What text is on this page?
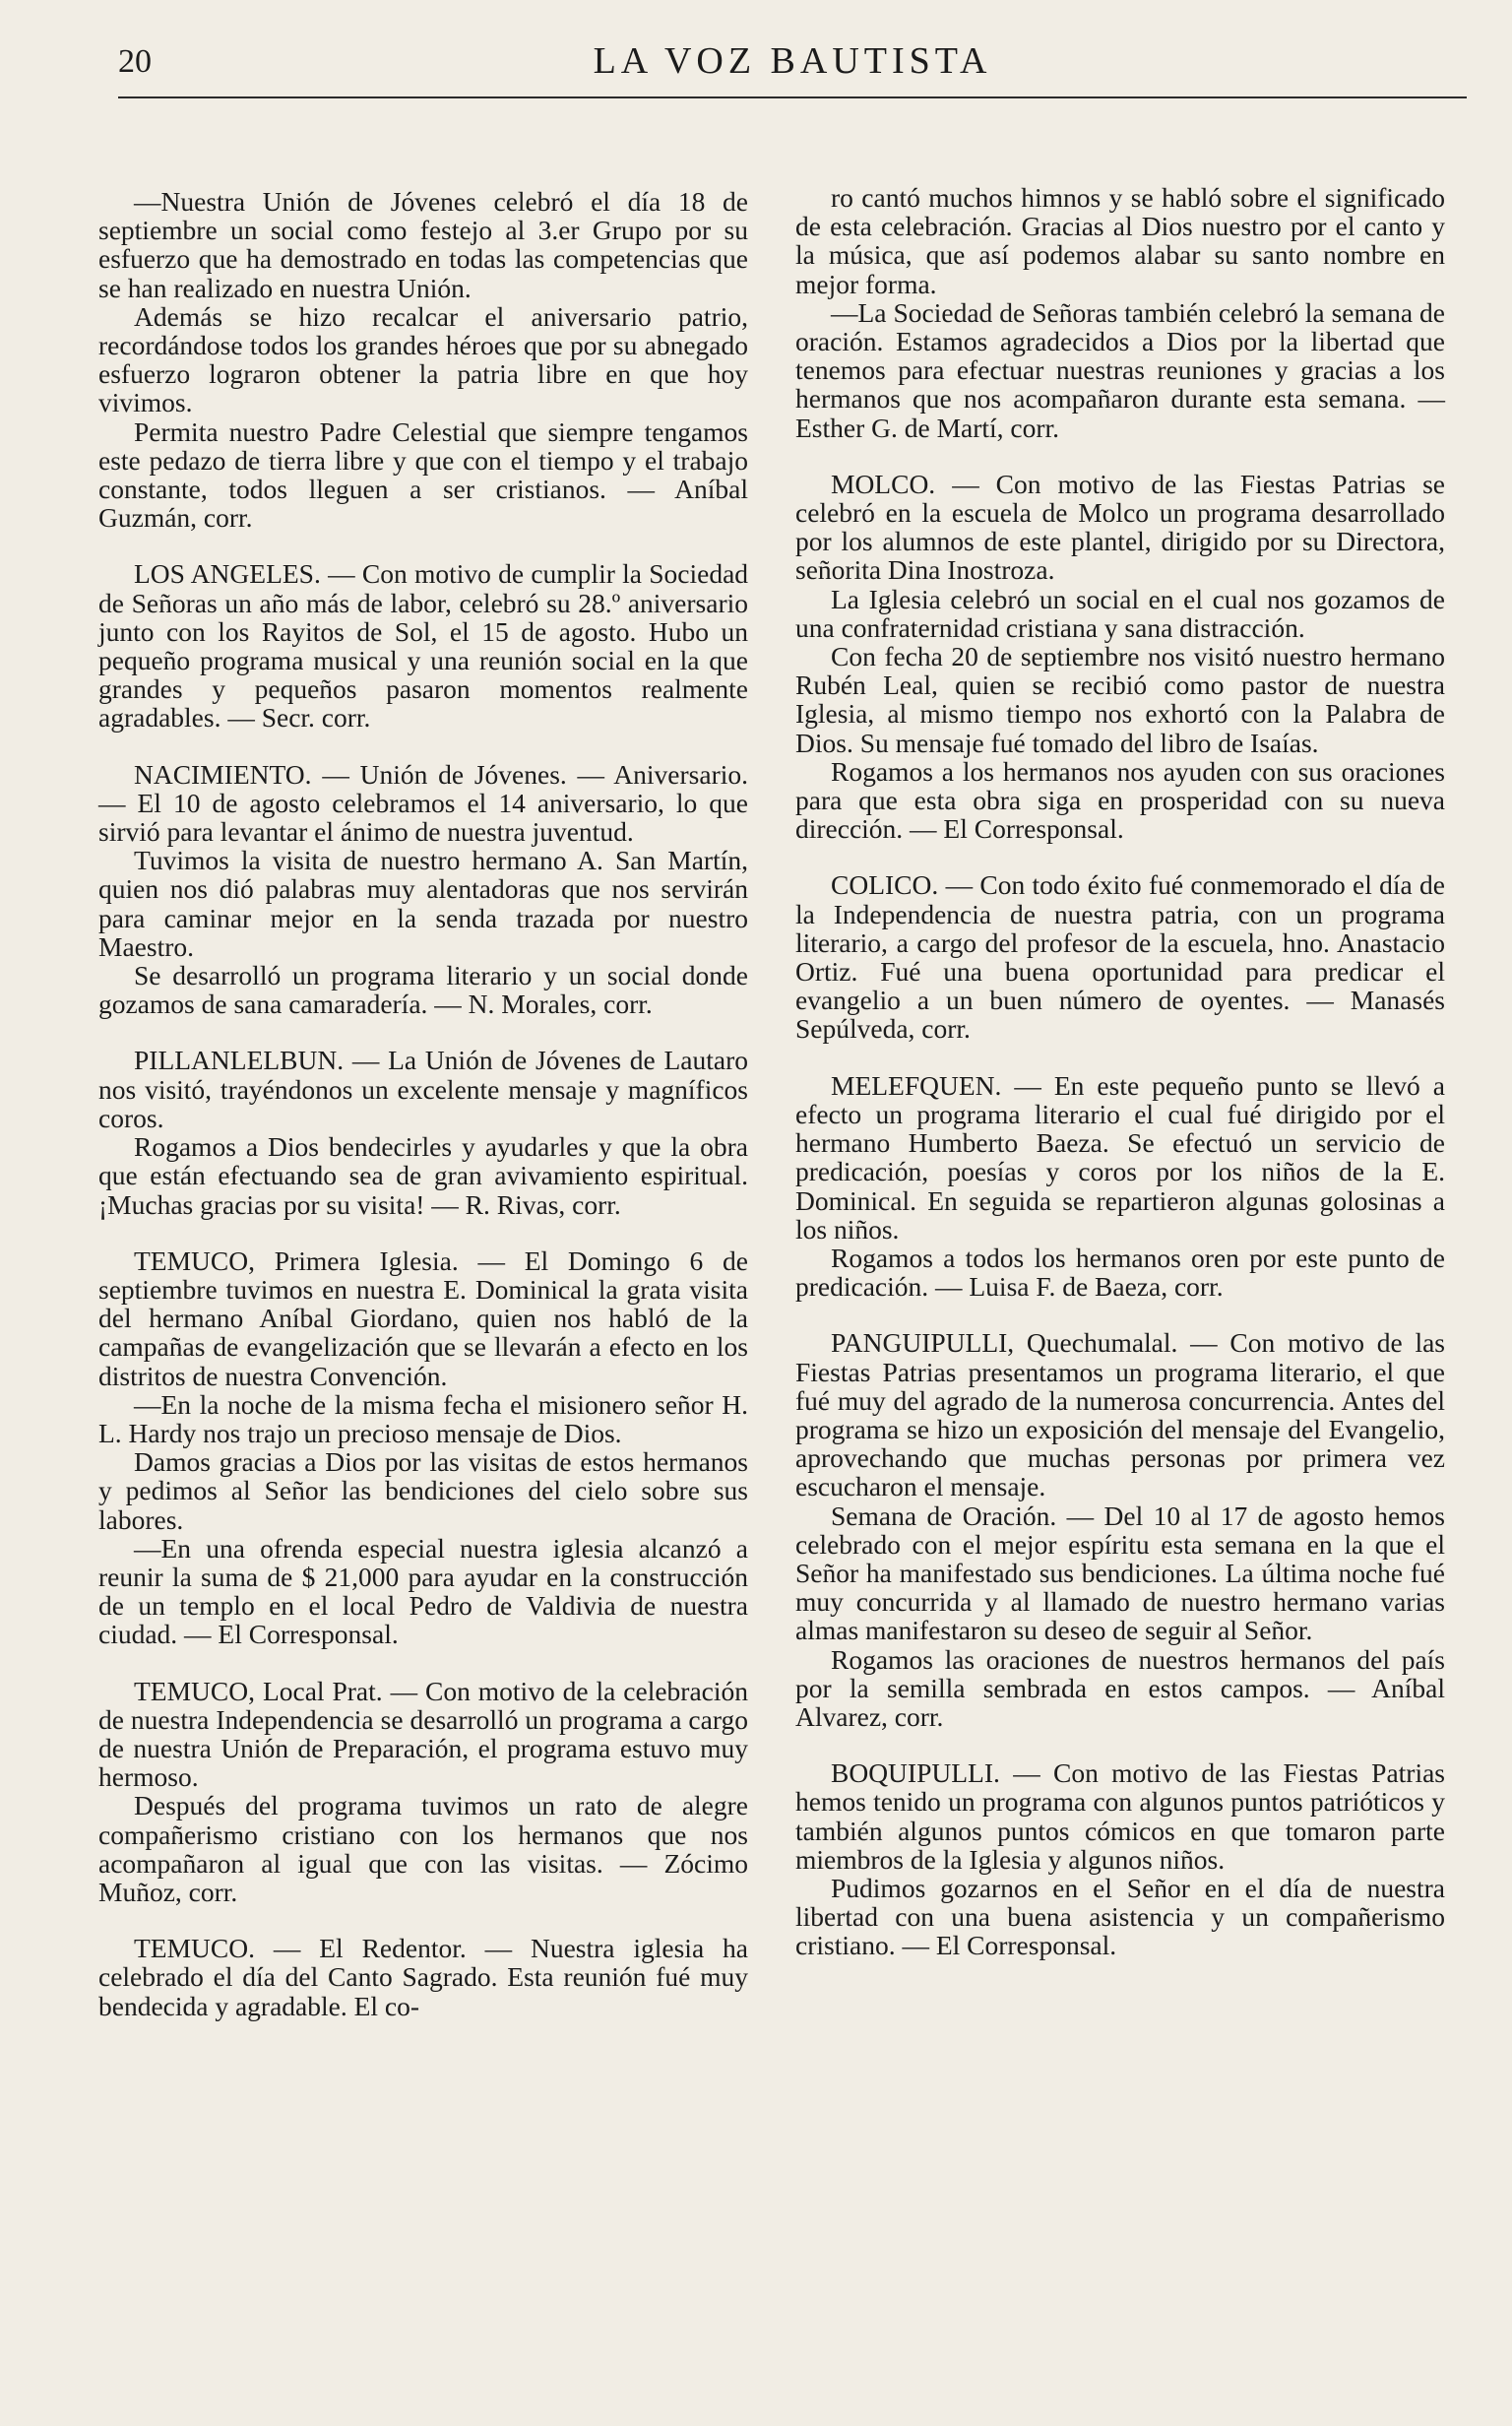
20	LA VOZ BAUTISTA

—Nuestra Unión de Jóvenes celebró el día 18 de septiembre un social como festejo al 3.er Grupo por su esfuerzo que ha demostrado en todas las competencias que se han realizado en nuestra Unión.

Además se hizo recalcar el aniversario patrio, recordándose todos los grandes héroes que por su abnegado esfuerzo lograron obtener la patria libre en que hoy vivimos.

Permita nuestro Padre Celestial que siempre tengamos este pedazo de tierra libre y que con el tiempo y el trabajo constante, todos lleguen a ser cristianos. — Aníbal Guzmán, corr.

LOS ANGELES. — Con motivo de cumplir la Sociedad de Señoras un año más de labor, celebró su 28.º aniversario junto con los Rayitos de Sol, el 15 de agosto. Hubo un pequeño programa musical y una reunión social en la que grandes y pequeños pasaron momentos realmente agradables. — Secr. corr.

NACIMIENTO. — Unión de Jóvenes. — Aniversario. — El 10 de agosto celebramos el 14 aniversario, lo que sirvió para levantar el ánimo de nuestra juventud.

Tuvimos la visita de nuestro hermano A. San Martín, quien nos dió palabras muy alentadoras que nos servirán para caminar mejor en la senda trazada por nuestro Maestro.

Se desarrolló un programa literario y un social donde gozamos de sana camaradería. — N. Morales, corr.

PILLANLELBUN. — La Unión de Jóvenes de Lautaro nos visitó, trayéndonos un excelente mensaje y magníficos coros.

Rogamos a Dios bendecirles y ayudarles y que la obra que están efectuando sea de gran avivamiento espiritual. ¡Muchas gracias por su visita! — R. Rivas, corr.

TEMUCO, Primera Iglesia. — El Domingo 6 de septiembre tuvimos en nuestra E. Dominical la grata visita del hermano Aníbal Giordano, quien nos habló de la campañas de evangelización que se llevarán a efecto en los distritos de nuestra Convención.

—En la noche de la misma fecha el misionero señor H. L. Hardy nos trajo un precioso mensaje de Dios.

Damos gracias a Dios por las visitas de estos hermanos y pedimos al Señor las bendiciones del cielo sobre sus labores.

—En una ofrenda especial nuestra iglesia alcanzó a reunir la suma de $ 21,000 para ayudar en la construcción de un templo en el local Pedro de Valdivia de nuestra ciudad. — El Corresponsal.

TEMUCO, Local Prat. — Con motivo de la celebración de nuestra Independencia se desarrolló un programa a cargo de nuestra Unión de Preparación, el programa estuvo muy hermoso.

Después del programa tuvimos un rato de alegre compañerismo cristiano con los hermanos que nos acompañaron al igual que con las visitas. — Zócimo Muñoz, corr.

TEMUCO. — El Redentor. — Nuestra iglesia ha celebrado el día del Canto Sagrado. Esta reunión fué muy bendecida y agradable. El co-

ro cantó muchos himnos y se habló sobre el significado de esta celebración. Gracias al Dios nuestro por el canto y la música, que así podemos alabar su santo nombre en mejor forma.

—La Sociedad de Señoras también celebró la semana de oración. Estamos agradecidos a Dios por la libertad que tenemos para efectuar nuestras reuniones y gracias a los hermanos que nos acompañaron durante esta semana. — Esther G. de Martí, corr.

MOLCO. — Con motivo de las Fiestas Patrias se celebró en la escuela de Molco un programa desarrollado por los alumnos de este plantel, dirigido por su Directora, señorita Dina Inostroza.

La Iglesia celebró un social en el cual nos gozamos de una confraternidad cristiana y sana distracción.

Con fecha 20 de septiembre nos visitó nuestro hermano Rubén Leal, quien se recibió como pastor de nuestra Iglesia, al mismo tiempo nos exhortó con la Palabra de Dios. Su mensaje fué tomado del libro de Isaías.

Rogamos a los hermanos nos ayuden con sus oraciones para que esta obra siga en prosperidad con su nueva dirección. — El Corresponsal.

COLICO. — Con todo éxito fué conmemorado el día de la Independencia de nuestra patria, con un programa literario, a cargo del profesor de la escuela, hno. Anastacio Ortiz. Fué una buena oportunidad para predicar el evangelio a un buen número de oyentes. — Manasés Sepúlveda, corr.

MELEFQUEN. — En este pequeño punto se llevó a efecto un programa literario el cual fué dirigido por el hermano Humberto Baeza. Se efectuó un servicio de predicación, poesías y coros por los niños de la E. Dominical. En seguida se repartieron algunas golosinas a los niños.

Rogamos a todos los hermanos oren por este punto de predicación. — Luisa F. de Baeza, corr.

PANGUIPULLI, Quechumalal. — Con motivo de las Fiestas Patrias presentamos un programa literario, el que fué muy del agrado de la numerosa concurrencia. Antes del programa se hizo un exposición del mensaje del Evangelio, aprovechando que muchas personas por primera vez escucharon el mensaje.

Semana de Oración. — Del 10 al 17 de agosto hemos celebrado con el mejor espíritu esta semana en la que el Señor ha manifestado sus bendiciones. La última noche fué muy concurrida y al llamado de nuestro hermano varias almas manifestaron su deseo de seguir al Señor.

Rogamos las oraciones de nuestros hermanos del país por la semilla sembrada en estos campos. — Aníbal Alvarez, corr.

BOQUIPULLI. — Con motivo de las Fiestas Patrias hemos tenido un programa con algunos puntos patrióticos y también algunos puntos cómicos en que tomaron parte miembros de la Iglesia y algunos niños.

Pudimos gozarnos en el Señor en el día de nuestra libertad con una buena asistencia y un compañerismo cristiano. — El Corresponsal.
